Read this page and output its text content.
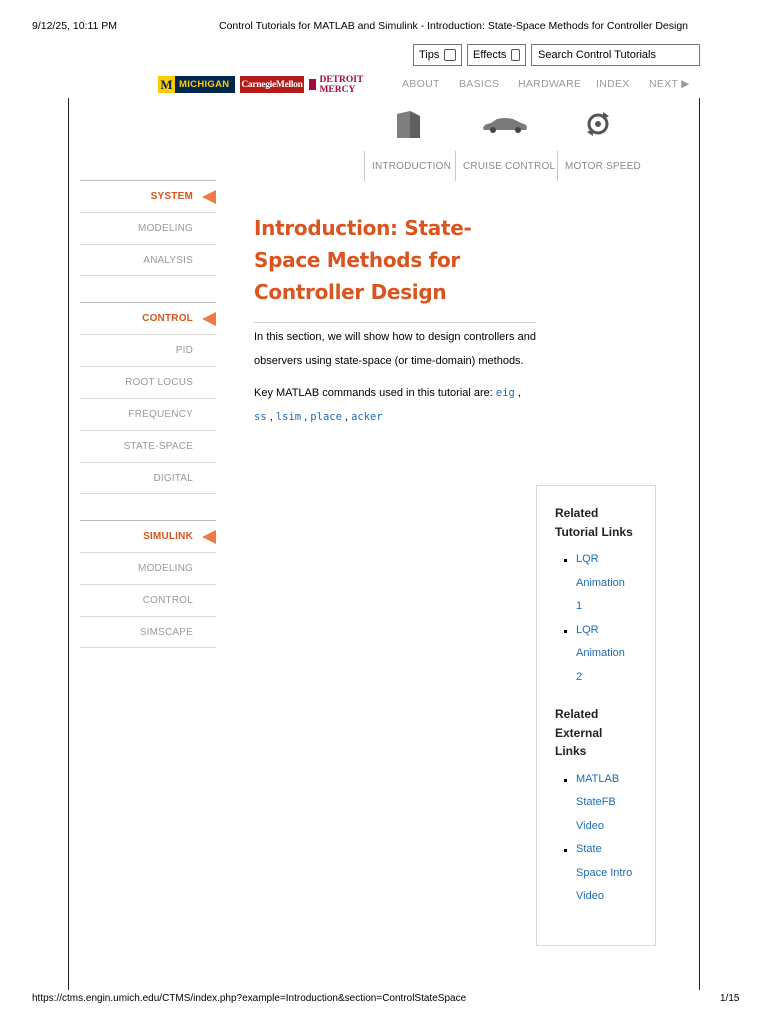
9/12/25, 10:11 PM	Control Tutorials for MATLAB and Simulink - Introduction: State-Space Methods for Controller Design
Tips	Effects
Search Control Tutorials
M MICHIGAN CarnegieMellon DETROIT MERCY	ABOUT BASICS HARDWARE INDEX NEXT ▶
INTRODUCTION	CRUISE CONTROL MOTOR SPEED
SYSTEM
MODELING
ANALYSIS
CONTROL
PID
ROOT LOCUS
FREQUENCY
STATE-SPACE
DIGITAL
SIMULINK
MODELING
CONTROL
SIMSCAPE
Introduction: State-Space Methods for Controller Design

In this section, we will show how to design controllers and observers using state-space (or time-domain) methods.

Key MATLAB commands used in this tutorial are: eig , ss , lsim , place , acker

Related Tutorial Links
LQR
Animation
1
LQR
Animation
2
Related External Links
MATLAB
StateFB
Video
State
Space Intro
Video
https://ctms.engin.umich.edu/CTMS/index.php?example=Introduction&section=ControlStateSpace	1/15
